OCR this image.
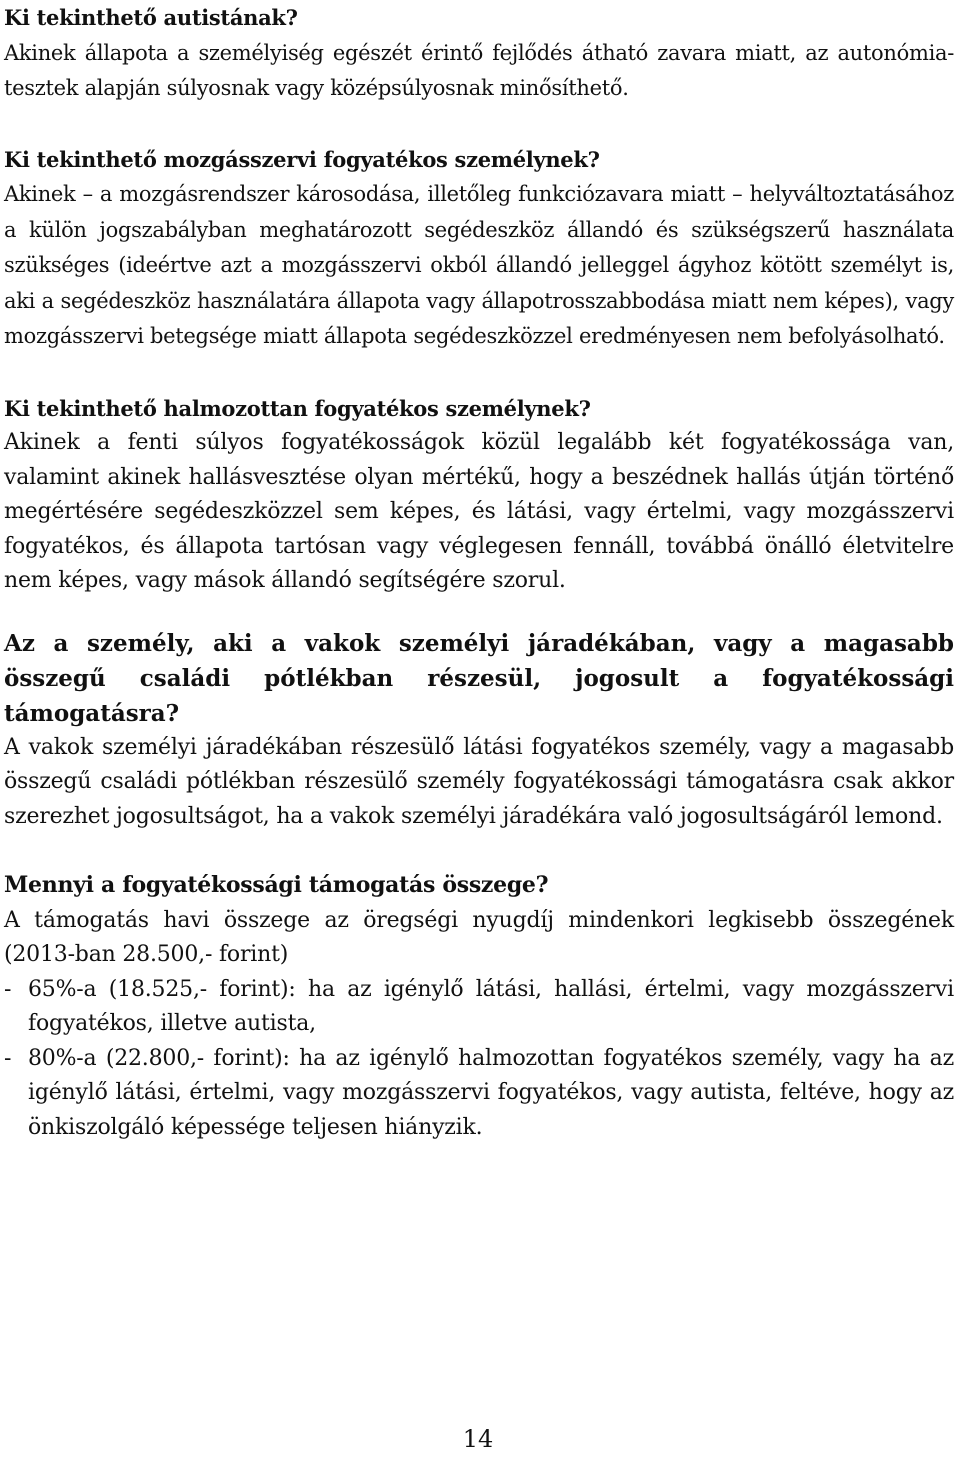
Ki tekinthető autistának?

Akinek állapota a személyiség egészét érintő fejlődés átható zavara miatt, az autonómia-tesztek alapján súlyosnak vagy középsúlyosnak minősíthető.

Ki tekinthető mozgásszervi fogyatékos személynek?

Akinek – a mozgásrendszer károsodása, illetőleg funkciózavara miatt – helyváltoztatásához a külön jogszabályban meghatározott segédeszköz állandó és szükségszerű használata szükséges (ideértve azt a mozgásszervi okból állandó jelleggel ágyhoz kötött személyt is, aki a segédeszköz használatára állapota vagy állapotrosszabbodása miatt nem képes), vagy mozgásszervi betegsége miatt állapota segédeszközzel eredményesen nem befolyásolható.

Ki tekinthető halmozottan fogyatékos személynek?

Akinek a fenti súlyos fogyatékosságok közül legalább két fogyatékossága van, valamint akinek hallásvesztése olyan mértékű, hogy a beszédnek hallás útján történő megértésére segédeszközzel sem képes, és látási, vagy értelmi, vagy mozgásszervi fogyatékos, és állapota tartósan vagy véglegesen fennáll, továbbá önálló életvitelre nem képes, vagy mások állandó segítségére szorul.

Az a személy, aki a vakok személyi járadékában, vagy a magasabb összegű családi pótlékban részesül, jogosult a fogyatékossági támogatásra?

A vakok személyi járadékában részesülő látási fogyatékos személy, vagy a magasabb összegű családi pótlékban részesülő személy fogyatékossági támogatásra csak akkor szerezhet jogosultságot, ha a vakok személyi járadékára való jogosultságáról lemond.

Mennyi a fogyatékossági támogatás összege?

A támogatás havi összege az öregségi nyugdíj mindenkori legkisebb összegének (2013-ban 28.500,- forint)

- 65%-a (18.525,- forint): ha az igénylő látási, hallási, értelmi, vagy mozgásszervi fogyatékos, illetve autista,
- 80%-a (22.800,- forint): ha az igénylő halmozottan fogyatékos személy, vagy ha az igénylő látási, értelmi, vagy mozgásszervi fogyatékos, vagy autista, feltéve, hogy az önkiszolgáló képessége teljesen hiányzik.
14
